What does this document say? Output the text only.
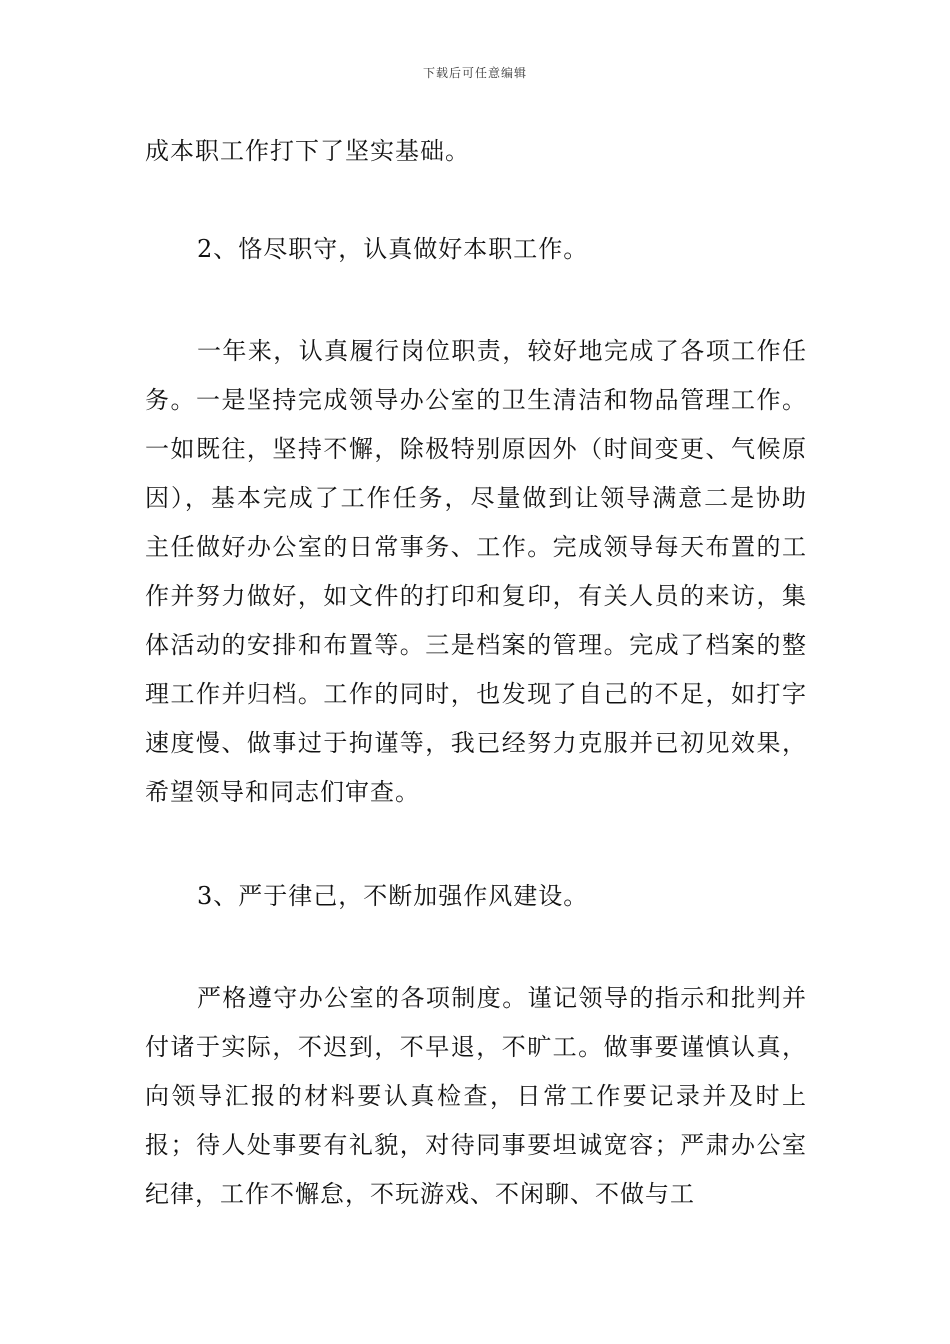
下载后可任意编辑

成本职工作打下了坚实基础。

2、恪尽职守，认真做好本职工作。

一年来，认真履行岗位职责，较好地完成了各项工作任务。一是坚持完成领导办公室的卫生清洁和物品管理工作。一如既往，坚持不懈，除极特别原因外（时间变更、气候原因），基本完成了工作任务，尽量做到让领导满意二是协助主任做好办公室的日常事务、工作。完成领导每天布置的工作并努力做好，如文件的打印和复印，有关人员的来访，集体活动的安排和布置等。三是档案的管理。完成了档案的整理工作并归档。工作的同时，也发现了自己的不足，如打字速度慢、做事过于拘谨等，我已经努力克服并已初见效果，希望领导和同志们审查。

3、严于律己，不断加强作风建设。

严格遵守办公室的各项制度。谨记领导的指示和批判并付诸于实际，不迟到，不早退，不旷工。做事要谨慎认真，向领导汇报的材料要认真检查，日常工作要记录并及时上报；待人处事要有礼貌，对待同事要坦诚宽容；严肃办公室纪律，工作不懈怠，不玩游戏、不闲聊、不做与工
